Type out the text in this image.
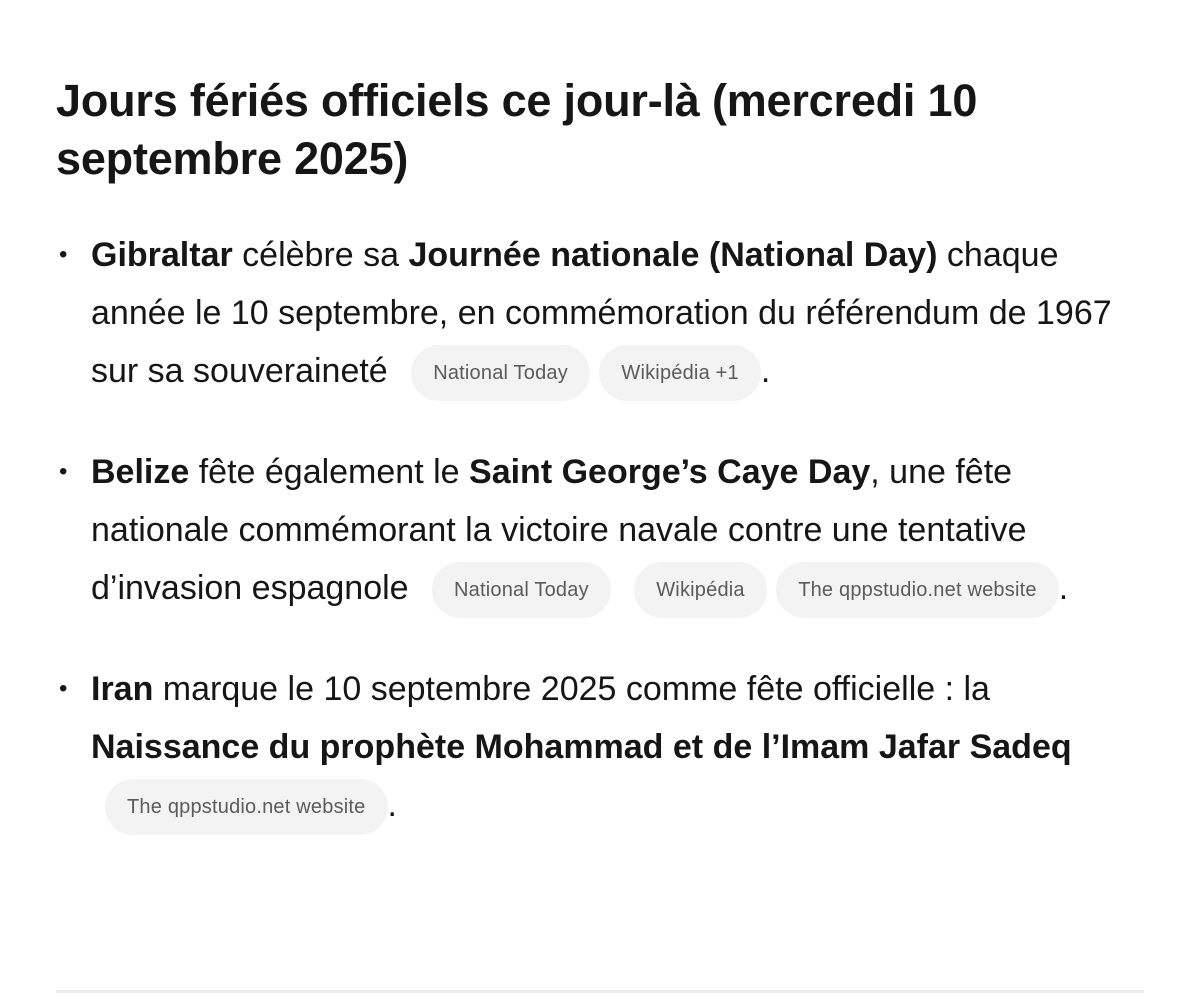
Jours fériés officiels ce jour-là (mercredi 10 septembre 2025)
• Gibraltar célèbre sa Journée nationale (National Day) chaque année le 10 septembre, en commémoration du référendum de 1967 sur sa souveraineté National Today	Wikipédia +1 .
• Belize fête également le Saint George’s Caye Day, une fête nationale commémorant la victoire navale contre une tentative d’invasion espagnole National Today	Wikipédia	The qppstudio.net website .
• Iran marque le 10 septembre 2025 comme fête officielle : la Naissance du prophète Mohammad et de l’Imam Jafar Sadeq The qppstudio.net website .
